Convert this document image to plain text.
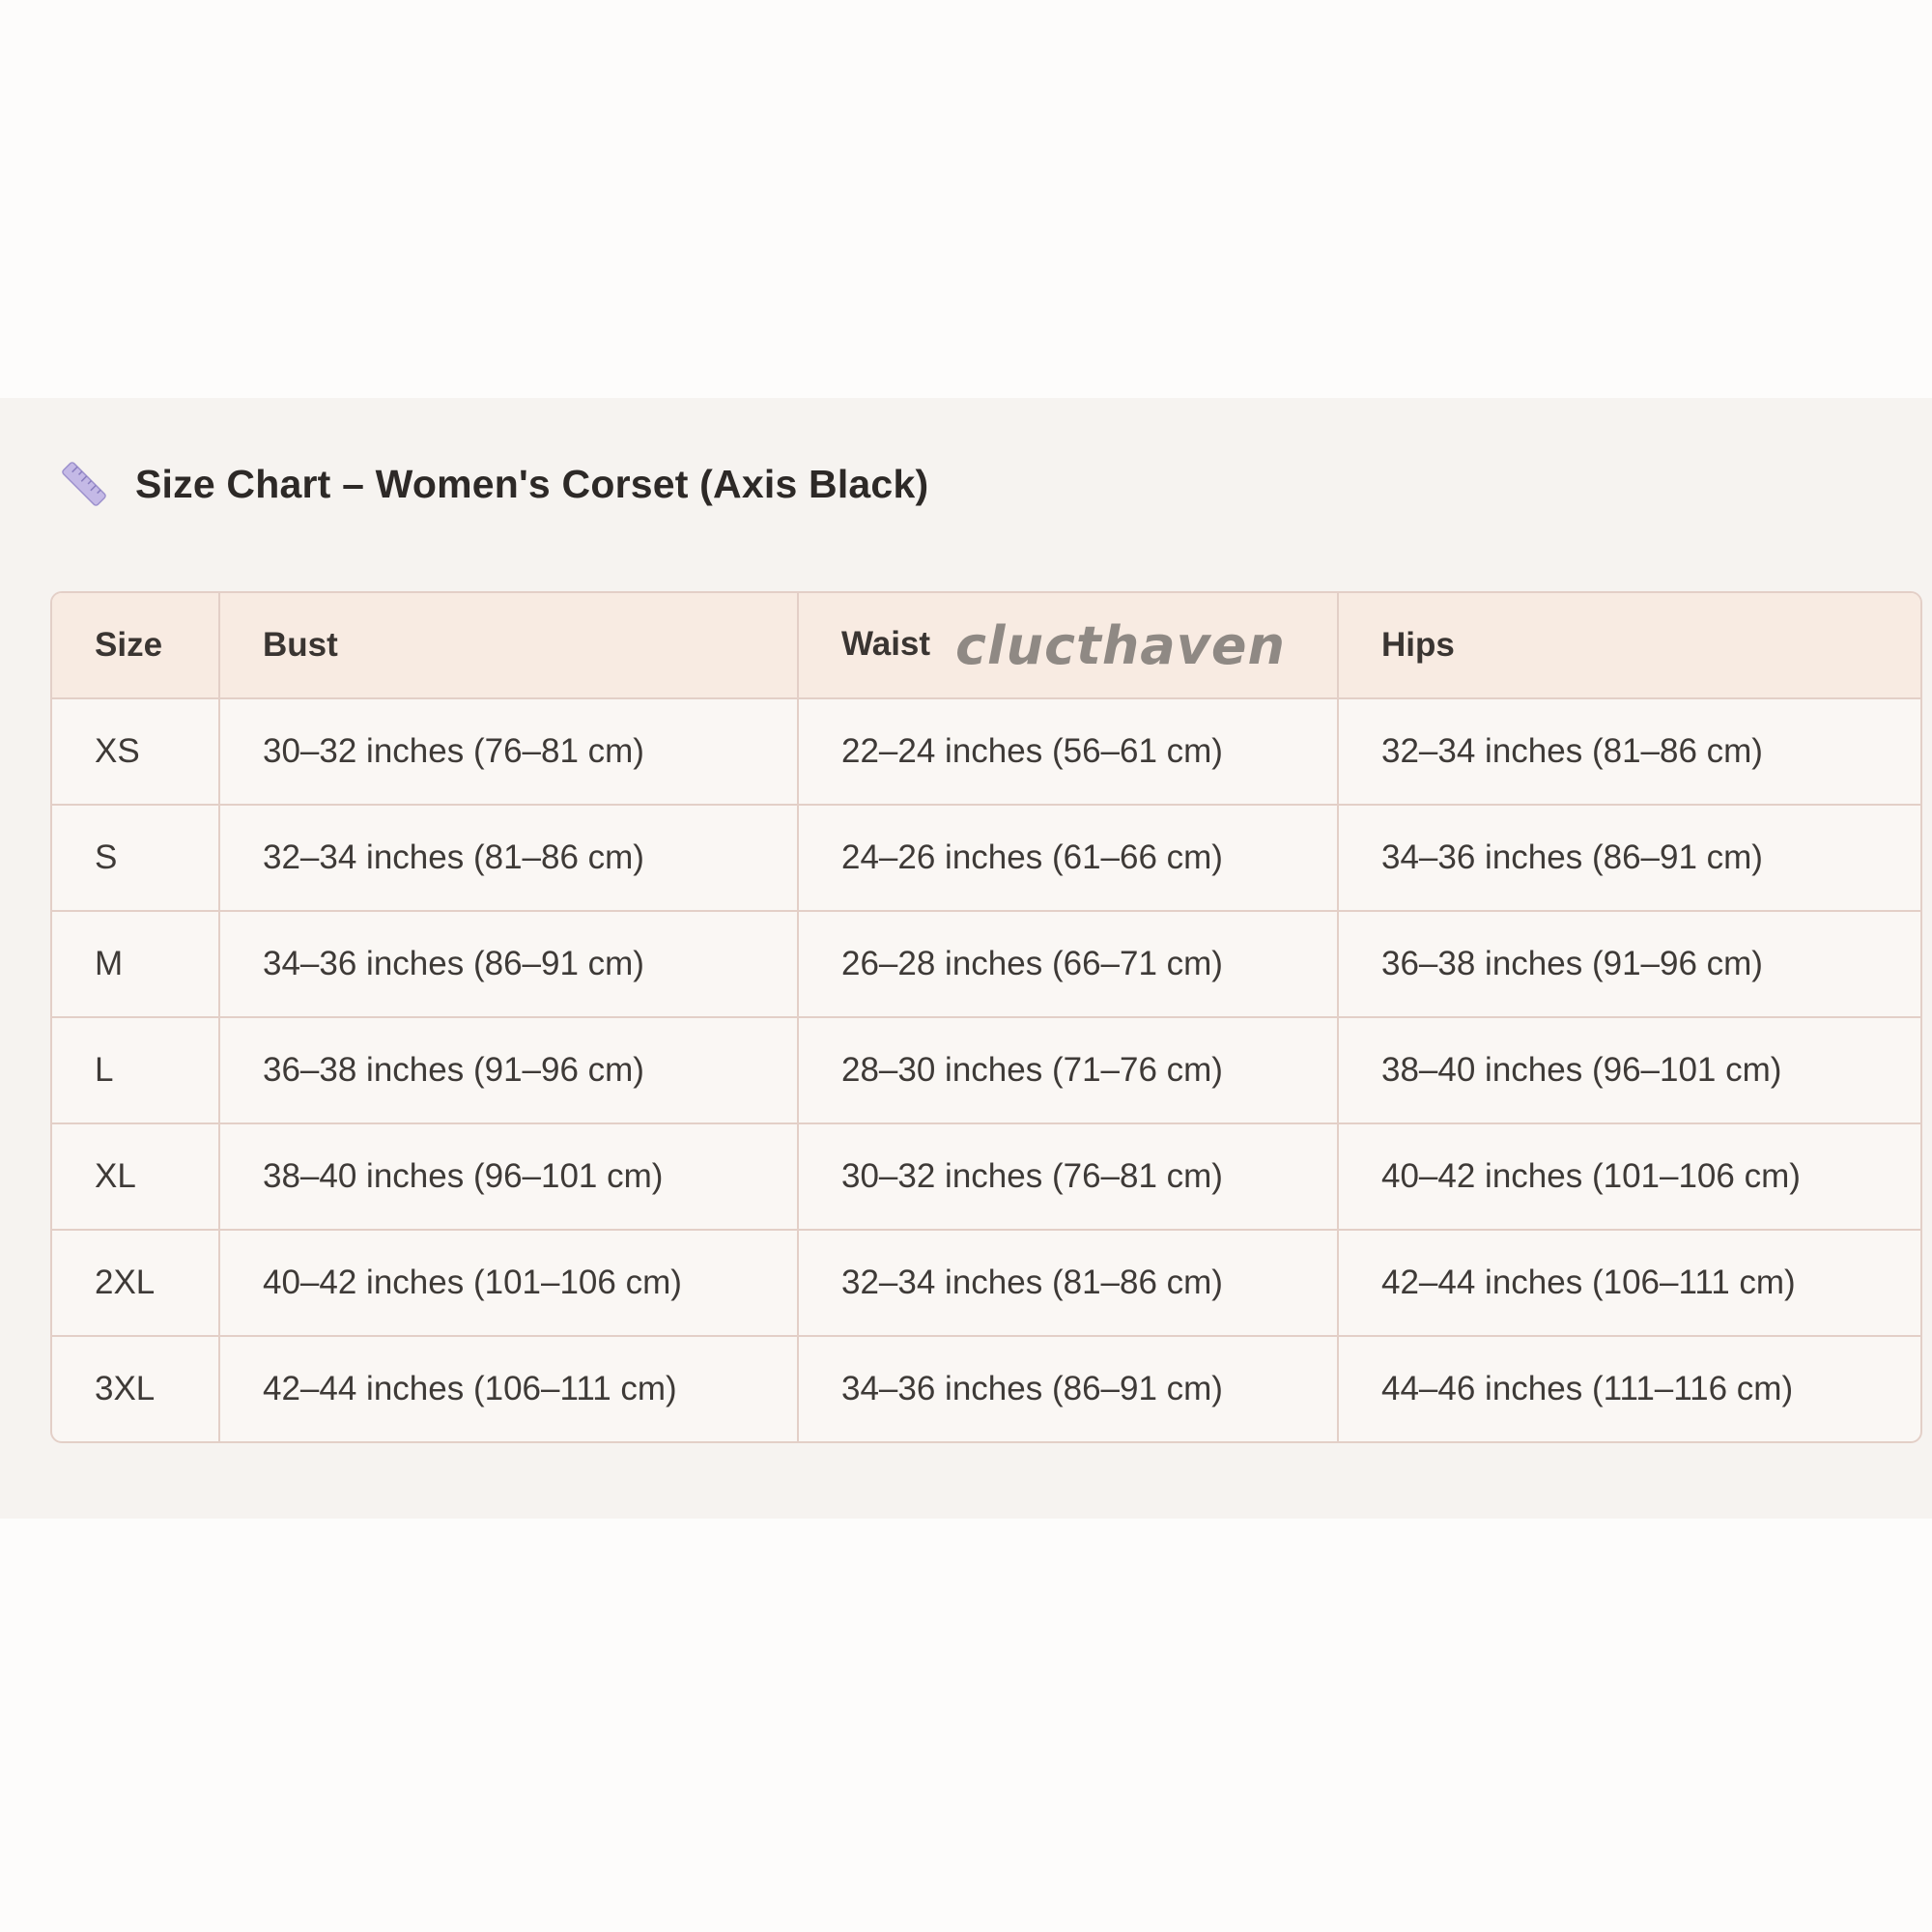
Size Chart – Women's Corset (Axis Black)
Size	Bust	Waist clucthaven	Hips
XS	30–32 inches (76–81 cm)	22–24 inches (56–61 cm)	32–34 inches (81–86 cm)
S	32–34 inches (81–86 cm)	24–26 inches (61–66 cm)	34–36 inches (86–91 cm)
M	34–36 inches (86–91 cm)	26–28 inches (66–71 cm)	36–38 inches (91–96 cm)
L	36–38 inches (91–96 cm)	28–30 inches (71–76 cm)	38–40 inches (96–101 cm)
XL	38–40 inches (96–101 cm)	30–32 inches (76–81 cm)	40–42 inches (101–106 cm)
2XL	40–42 inches (101–106 cm)	32–34 inches (81–86 cm)	42–44 inches (106–111 cm)
3XL	42–44 inches (106–111 cm)	34–36 inches (86–91 cm)	44–46 inches (111–116 cm)
